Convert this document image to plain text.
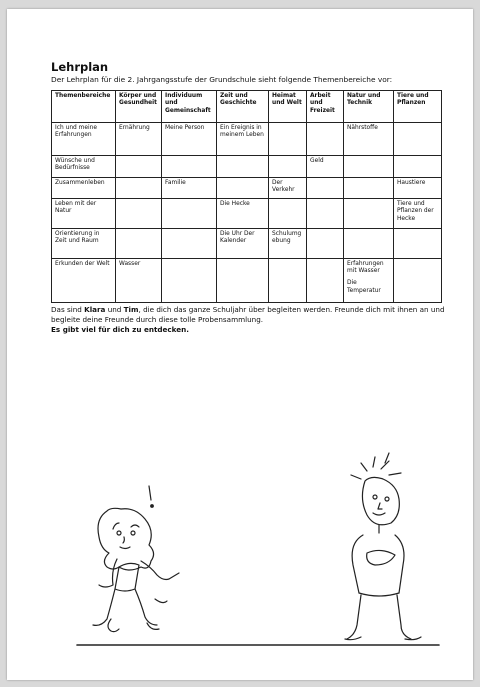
Lehrplan

Der Lehrplan für die 2. Jahrgangsstufe der Grundschule sieht folgende Themenbereiche vor:

Themenbereiche	Körper und Gesundheit	Individuum und Gemeinschaft	Zeit und Geschichte	Heimat und Welt	Arbeit und Freizeit	Natur und Technik	Tiere und Pflanzen
Ich und meine Erfahrungen	Ernährung	Meine Person	Ein Ereignis in meinem Leben			Nährstoffe	
Wünsche und Bedürfnisse					Geld		
Zusammenleben		Familie		Der Verkehr			Haustiere
Leben mit der Natur			Die Hecke				Tiere und Pflanzen der Hecke
Orientierung in Zeit und Raum			Die Uhr Der Kalender	Schulumgebung			
Erkunden der Welt	Wasser					Erfahrungen mit Wasser
Die Temperatur	

Das sind Klara und Tim, die dich das ganze Schuljahr über begleiten werden. Freunde dich mit ihnen an und begleite deine Freunde durch diese tolle Probensammlung.
Es gibt viel für dich zu entdecken.
